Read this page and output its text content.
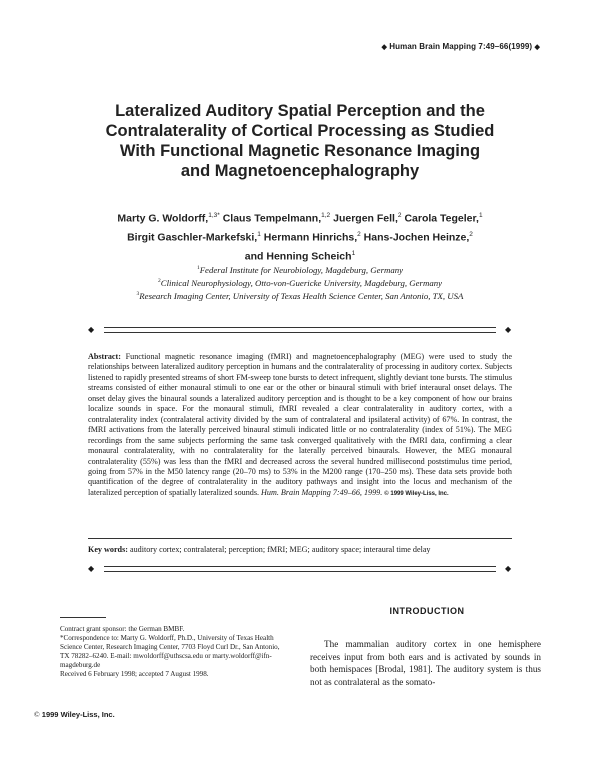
◆ Human Brain Mapping 7:49–66(1999) ◆
Lateralized Auditory Spatial Perception and the
Contralaterality of Cortical Processing as Studied
With Functional Magnetic Resonance Imaging
and Magnetoencephalography
Marty G. Woldorff,$^{1,3*}$ Claus Tempelmann,$^{1,2}$ Juergen Fell,$^2$ Carola Tegeler,$^1$
Birgit Gaschler-Markefski,$^1$ Hermann Hinrichs,$^2$ Hans-Jochen Heinze,$^2$
and Henning Scheich$^1$
$^1$Federal Institute for Neurobiology, Magdeburg, Germany
$^2$Clinical Neurophysiology, Otto-von-Guericke University, Magdeburg, Germany
$^3$Research Imaging Center, University of Texas Health Science Center, San Antonio, TX, USA
◆	◆
Abstract: Functional magnetic resonance imaging (fMRI) and magnetoencephalography (MEG) were used to study the relationships between lateralized auditory perception in humans and the contralaterality of processing in auditory cortex. Subjects listened to rapidly presented streams of short FM-sweep tone bursts to detect infrequent, slightly deviant tone bursts. The stimulus streams consisted of either monaural stimuli to one ear or the other or binaural stimuli with brief interaural onset delays. The onset delay gives the binaural sounds a lateralized auditory perception and is thought to be a key component of how our brains localize sounds in space. For the monaural stimuli, fMRI revealed a clear contralaterality in auditory cortex, with a contralaterality index (contralateral activity divided by the sum of contralateral and ipsilateral activity) of 67%. In contrast, the fMRI activations from the laterally perceived binaural stimuli indicated little or no contralaterality (index of 51%). The MEG recordings from the same subjects performing the same task converged qualitatively with the fMRI data, confirming a clear monaural contralaterality, with no contralaterality for the laterally perceived binaurals. However, the MEG monaural contralaterality (55%) was less than the fMRI and decreased across the several hundred millisecond poststimulus time period, going from 57% in the M50 latency range (20–70 ms) to 53% in the M200 range (170–250 ms). These data sets provide both quantification of the degree of contralaterality in the auditory pathways and insight into the locus and mechanism of the lateralized perception of spatially lateralized sounds. Hum. Brain Mapping 7:49–66, 1999. © 1999 Wiley-Liss, Inc.
Key words: auditory cortex; contralateral; perception; fMRI; MEG; auditory space; interaural time delay
◆	◆
Contract grant sponsor: the German BMBF.
*Correspondence to: Marty G. Woldorff, Ph.D., University of Texas Health Science Center, Research Imaging Center, 7703 Floyd Curl Dr., San Antonio, TX 78282–6240. E-mail: mwoldorff@uthscsa.edu or marty.woldorff@ifn-magdeburg.de
Received 6 February 1998; accepted 7 August 1998.
INTRODUCTION

The mammalian auditory cortex in one hemisphere receives input from both ears and is activated by sounds in both hemispaces [Brodal, 1981]. The auditory system is thus not as contralateral as the somato-

© 1999 Wiley-Liss, Inc.
